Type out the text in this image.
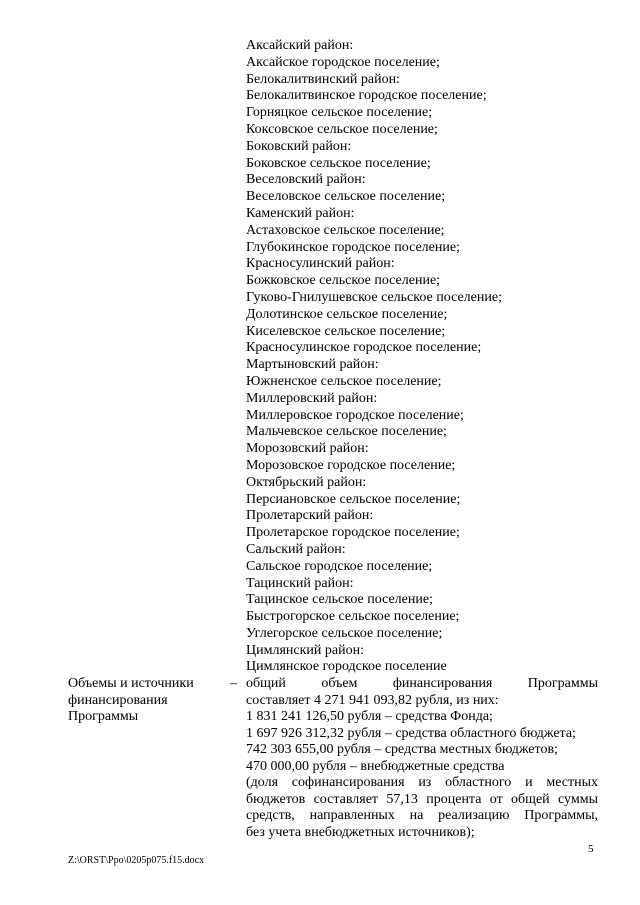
Аксайский район:
Аксайское городское поселение;
Белокалитвинский район:
Белокалитвинское городское поселение;
Горняцкое сельское поселение;
Коксовское сельское поселение;
Боковский район:
Боковское сельское поселение;
Веселовский район:
Веселовское сельское поселение;
Каменский район:
Астаховское сельское поселение;
Глубокинское городское поселение;
Красносулинский район:
Божковское сельское поселение;
Гуково-Гнилушевское сельское поселение;
Долотинское сельское поселение;
Киселевское сельское поселение;
Красносулинское городское поселение;
Мартыновский район:
Южненское сельское поселение;
Миллеровский район:
Миллеровское городское поселение;
Мальчевское сельское поселение;
Морозовский район:
Морозовское городское поселение;
Октябрьский район:
Персиановское сельское поселение;
Пролетарский район:
Пролетарское городское поселение;
Сальский район:
Сальское городское поселение;
Тацинский район:
Тацинское сельское поселение;
Быстрогорское сельское поселение;
Углегорское сельское поселение;
Цимлянский район:
Цимлянское городское поселение
Объемы и источники
финансирования
Программы
– общий объем финансирования Программы
составляет 4 271 941 093,82 рубля, из них:
1 831 241 126,50 рубля – средства Фонда;
1 697 926 312,32 рубля – средства областного бюджета;
742 303 655,00 рубля – средства местных бюджетов;
470 000,00 рубля – внебюджетные средства
(доля софинансирования из областного и местных
бюджетов составляет 57,13 процента от общей суммы
средств, направленных на реализацию Программы,
без учета внебюджетных источников);
5
Z:\ORST\Ppo\0205p075.f15.docx
